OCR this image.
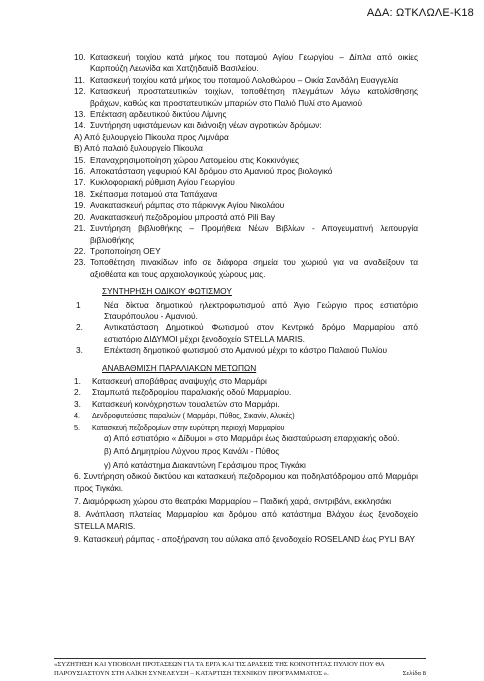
ΑΔΑ: ΩΤΚΛΩΛΕ-Κ18
10. Κατασκευή τοιχίου κατά μήκος του ποταμού Αγίου Γεωργίου – Δίπλα από οικίες Καρπούζη Λεωνίδα και Χατζηδαυίδ Βασιλείου.
11. Κατασκευή τοιχίου κατά μήκος του ποταμού Λολοθώρου – Οικία Σανδάλη Ευαγγελία
12. Κατασκευή προστατευτικών τοιχίων, τοποθέτηση πλεγμάτων λόγω κατολίσθησης βράχων, καθώς και προστατευτικών μπαριών στο Παλιό Πυλί στο Αμανιού
13. Επέκταση αρδευτικού δικτύου Λίμνης
14. Συντήρηση υφιστάμενων και διάνοιξη νέων αγροτικών δρόμων:
Α) Από ξυλουργείο Πίκουλα προς Λιμνάρα
Β) Από παλαιό ξυλουργείο Πίκουλα
15. Επαναχρησιμοποίηση χώρου Λατομείου στις Κοκκινόγιες
16. Αποκατάσταση γεφυριού ΚΑΙ δρόμου στο Αμανιού προς βιολογικό
17. Κυκλοφοριακή ρύθμιση Αγίου Γεωργίου
18. Σκέπασμα ποταμού στα Ταπάχανα
19. Ανακατασκευή ράμπας στο πάρκινγκ Αγίου Νικολάου
20. Ανακατασκευή πεζοδρομίου μπροστά από Pili Bay
21. Συντήρηση βιβλιοθήκης – Προμήθεια Νέων Βιβλίων - Απογευματινή λειτουργία βιβλιοθήκης
22. Τροποποίηση ΟΕΥ
23. Τοποθέτηση πινακίδων info σε διάφορα σημεία του χωριού για να αναδείξουν τα αξιοθέατα και τους αρχαιολογικούς χώρους μας.
ΣΥΝΤΗΡΗΣΗ ΟΔΙΚΟΥ ΦΩΤΙΣΜΟΥ
1	Νέα δίκτυα δημοτικού ηλεκτροφωτισμού από Άγιο Γεώργιο προς εστιατόριο Σταυρόπουλου - Αμανιού.
2.	Αντικατάσταση Δημοτικού Φωτισμού στον Κεντρικό δρόμο Μαρμαρίου από εστιατόριο ΔΙΔΥΜΟΙ μέχρι ξενοδοχείο STELLA MARIS.
3.	Επέκταση δημοτικού φωτισμού στο Αμανιού μέχρι το κάστρο Παλαιού Πυλίου
ΑΝΑΒΑΘΜΙΣΗ ΠΑΡΑΛΙΑΚΩΝ ΜΕΤΩΠΩΝ
1.	Κατασκευή αποβάθρας αναψυχής στο Μαρμάρι
2.	Σταμπωτά πεζοδρομίου παραλιακής οδού Μαρμαρίου.
3.	Κατασκευή κοινόχρηστων τουαλετών στο Μαρμάρι.
4.	Δενδροφυτεύσεις παραλιών ( Μαρμάρι, Πύθος, Σικανίν, Αλυκές)
5.	Κατασκευή πεζοδρομίων στην ευρύτερη περιοχή Μαρμαρίου
α) Από εστιατόριο « Δίδυμοι » στο Μαρμάρι έως διασταύρωση επαρχιακής οδού.
β) Από Δημητρίου Λύχνου προς Κανάλι - Πύθος
γ) Από κατάστημα Διακαντώνη Γεράσιμου προς Τιγκάκι
6. Συντήρηση οδικού δικτύου και κατασκευή πεζοδρομιου και ποδηλατόδρομου από Μαρμάρι προς Τιγκάκι.
7. Διαμόρφωση χώρου στο θεατράκι Μαρμαρίου – Παιδική χαρά, σιντριβάνι, εκκλησάκι
8. Ανάπλαση πλατείας Μαρμαρίου και δρόμου από κατάστημα Βλάχου έως ξενοδοχείο STELLA MARIS.
9. Κατασκευή ράμπας - αποξήρανση του αύλακα από ξενοδοχείο ROSELAND έως PYLI BAY
«ΣΥΖΗΤΗΣΗ ΚΑΙ ΥΠΟΒΟΛΗ ΠΡΟΤΑΣΕΩΝ ΓΙΑ ΤΑ ΕΡΓΑ ΚΑΙ ΤΙΣ ΔΡΑΣΕΙΣ ΤΗΣ ΚΟΙΝΟΤΗΤΑΣ ΠΥΛΙΟΥ ΠΟΥ ΘΑ
ΠΑΡΟΥΣΙΑΣΤΟΥΝ ΣΤΗ ΛΑΪΚΗ ΣΥΝΕΛΕΥΣΗ – ΚΑΤΑΡΤΙΣΗ ΤΕΧΝΙΚΟΥ ΠΡΟΓΡΑΜΜΑΤΟΣ ».	Σελίδα 8
